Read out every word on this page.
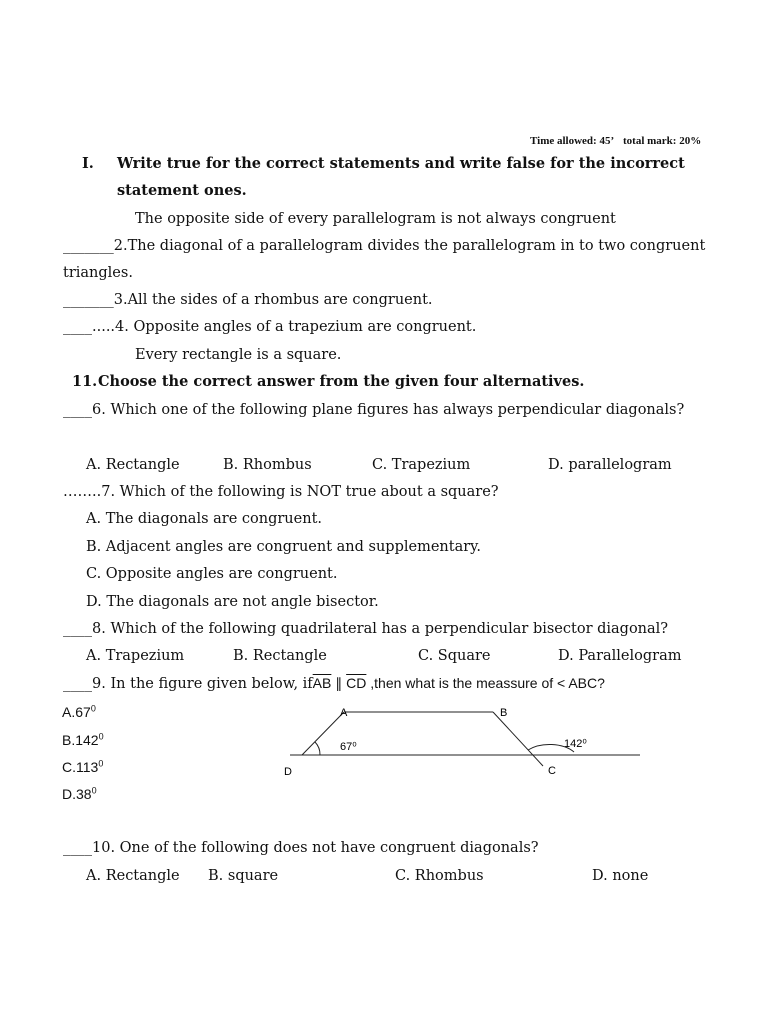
Time allowed: 45’ total mark: 20%
I. Write true for the correct statements and write false for the incorrect
statement ones.
The opposite side of every parallelogram is not always congruent
_______2.The diagonal of a parallelogram divides the parallelogram in to two congruent
triangles.
_______3.All the sides of a rhombus are congruent.
____.....4. Opposite angles of a trapezium are congruent.
Every rectangle is a square.
11. Choose the correct answer from the given four alternatives.
____6. Which one of the following plane figures has always perpendicular diagonals?
A. Rectangle	B. Rhombus	C. Trapezium	D. parallelogram
……..7. Which of the following is NOT true about a square?
A. The diagonals are congruent.
B. Adjacent angles are congruent and supplementary.
C. Opposite angles are congruent.
D. The diagonals are not angle bisector.
____8. Which of the following quadrilateral has a perpendicular bisector diagonal?
A. Trapezium	B. Rectangle	C. Square	D. Parallelogram
____9. In the figure given below, $if\overline{AB}$ ∥ $\overline{CD}$ ,then what is the meassure of < ABC?
$A.67^0$
B.142$^0$
C.113$^0$
$D.38^0$
A	B
C
D
67⁰	142⁰
____10. One of the following does not have congruent diagonals?
A. Rectangle B. square	C. Rhombus	D. none
